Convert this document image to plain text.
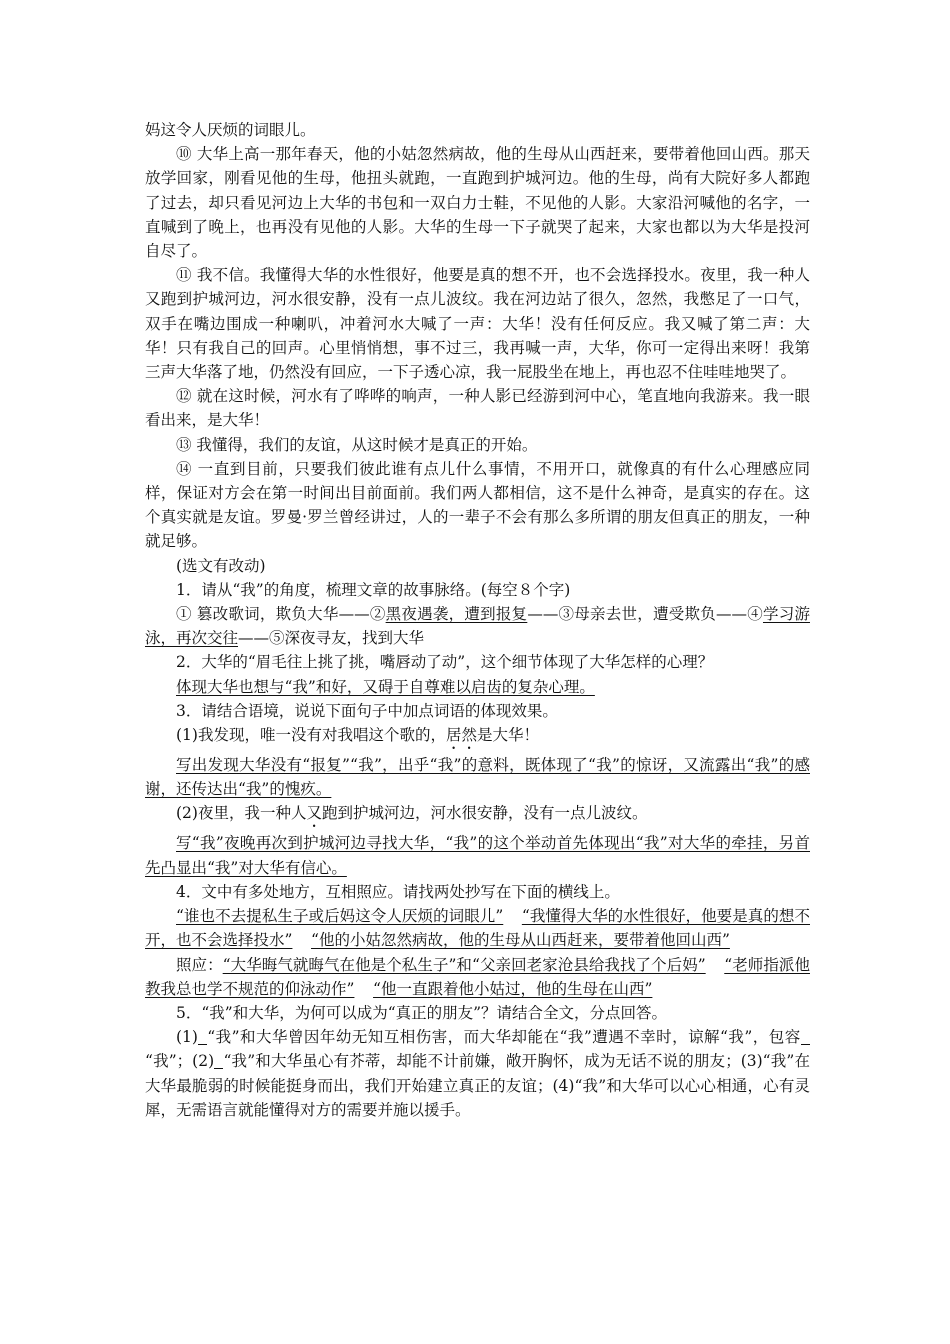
妈这令人厌烦的词眼儿。

⑩ 大华上高一那年春天，他的小姑忽然病故，他的生母从山西赶来，要带着他回山西。那天放学回家，刚看见他的生母，他扭头就跑，一直跑到护城河边。他的生母，尚有大院好多人都跑了过去，却只看见河边上大华的书包和一双白力士鞋，不见他的人影。大家沿河喊他的名字，一直喊到了晚上，也再没有见他的人影。大华的生母一下子就哭了起来，大家也都以为大华是投河自尽了。

⑪ 我不信。我懂得大华的水性很好，他要是真的想不开，也不会选择投水。夜里，我一种人又跑到护城河边，河水很安静，没有一点儿波纹。我在河边站了很久，忽然，我憋足了一口气，双手在嘴边围成一种喇叭，冲着河水大喊了一声：大华！没有任何反应。我又喊了第二声：大华！只有我自己的回声。心里悄悄想，事不过三，我再喊一声，大华，你可一定得出来呀！我第三声大华落了地，仍然没有回应，一下子透心凉，我一屁股坐在地上，再也忍不住哇哇地哭了。

⑫ 就在这时候，河水有了哗哗的响声，一种人影已经游到河中心，笔直地向我游来。我一眼看出来，是大华！

⑬ 我懂得，我们的友谊，从这时候才是真正的开始。

⑭ 一直到目前，只要我们彼此谁有点儿什么事情，不用开口，就像真的有什么心理感应同样，保证对方会在第一时间出目前面前。我们两人都相信，这不是什么神奇，是真实的存在。这个真实就是友谊。罗曼·罗兰曾经讲过，人的一辈子不会有那么多所谓的朋友但真正的朋友，一种就足够。

(选文有改动)

1．请从“我”的角度，梳理文章的故事脉络。(每空８个字)

① 篡改歌词，欺负大华——②黑夜遇袭，遭到报复——③母亲去世，遭受欺负——④学习游泳，再次交往——⑤深夜寻友，找到大华

2．大华的“眉毛往上挑了挑，嘴唇动了动”，这个细节体现了大华怎样的心理？

体现大华也想与“我”和好，又碍于自尊难以启齿的复杂心理。

3．请结合语境，说说下面句子中加点词语的体现效果。

(1)我发现，唯一没有对我唱这个歌的，居然是大华！

写出发现大华没有“报复”“我”，出乎“我”的意料，既体现了“我”的惊讶，又流露出“我”的感谢，还传达出“我”的愧疚。

(2)夜里，我一种人又跑到护城河边，河水很安静，没有一点儿波纹。

写“我”夜晚再次到护城河边寻找大华，“我”的这个举动首先体现出“我”对大华的牵挂，另首先凸显出“我”对大华有信心。

4．文中有多处地方，互相照应。请找两处抄写在下面的横线上。

“谁也不去提私生子或后妈这令人厌烦的词眼儿” “我懂得大华的水性很好，他要是真的想不开，也不会选择投水” “他的小姑忽然病故，他的生母从山西赶来，要带着他回山西”

照应：“大华晦气就晦气在他是个私生子”和“父亲回老家沧县给我找了个后妈” “老师指派他教我总也学不规范的仰泳动作” “他一直跟着他小姑过，他的生母在山西”

5．“我”和大华，为何可以成为“真正的朋友”？请结合全文，分点回答。

(1) “我”和大华曾因年幼无知互相伤害，而大华却能在“我”遭遇不幸时，谅解“我”，包容“我”；(2) “我”和大华虽心有芥蒂，却能不计前嫌，敞开胸怀，成为无话不说的朋友；(3)“我”在大华最脆弱的时候能挺身而出，我们开始建立真正的友谊；(4)“我”和大华可以心心相通，心有灵犀，无需语言就能懂得对方的需要并施以援手。
